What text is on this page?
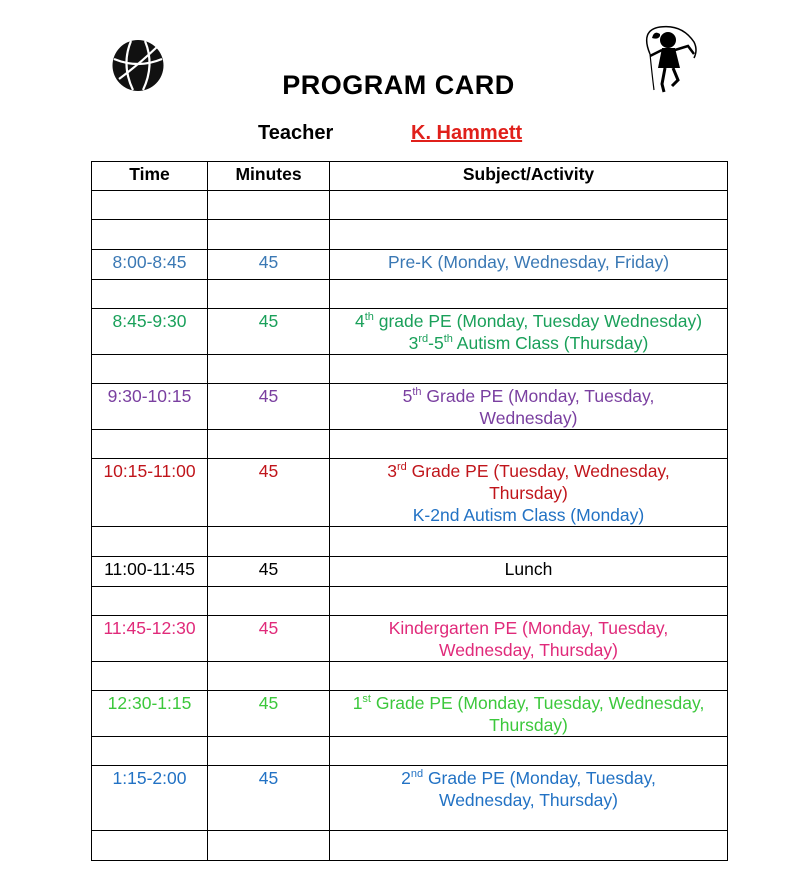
PROGRAM CARD
Teacher	K. Hammett
Time	Minutes	Subject/Activity

8:00-8:45	45	Pre-K (Monday, Wednesday, Friday)

8:45-9:30	45	4th grade PE (Monday, Tuesday Wednesday)
3rd-5th Autism Class (Thursday)

9:30-10:15	45	5th Grade PE (Monday, Tuesday,
Wednesday)

10:15-11:00	45	3rd Grade PE (Tuesday, Wednesday,
Thursday)
K-2nd Autism Class (Monday)

11:00-11:45	45	Lunch

11:45-12:30	45	Kindergarten PE (Monday, Tuesday,
Wednesday, Thursday)

12:30-1:15	45	1st Grade PE (Monday, Tuesday, Wednesday,
Thursday)

1:15-2:00	45	2nd Grade PE (Monday, Tuesday,
Wednesday, Thursday)
